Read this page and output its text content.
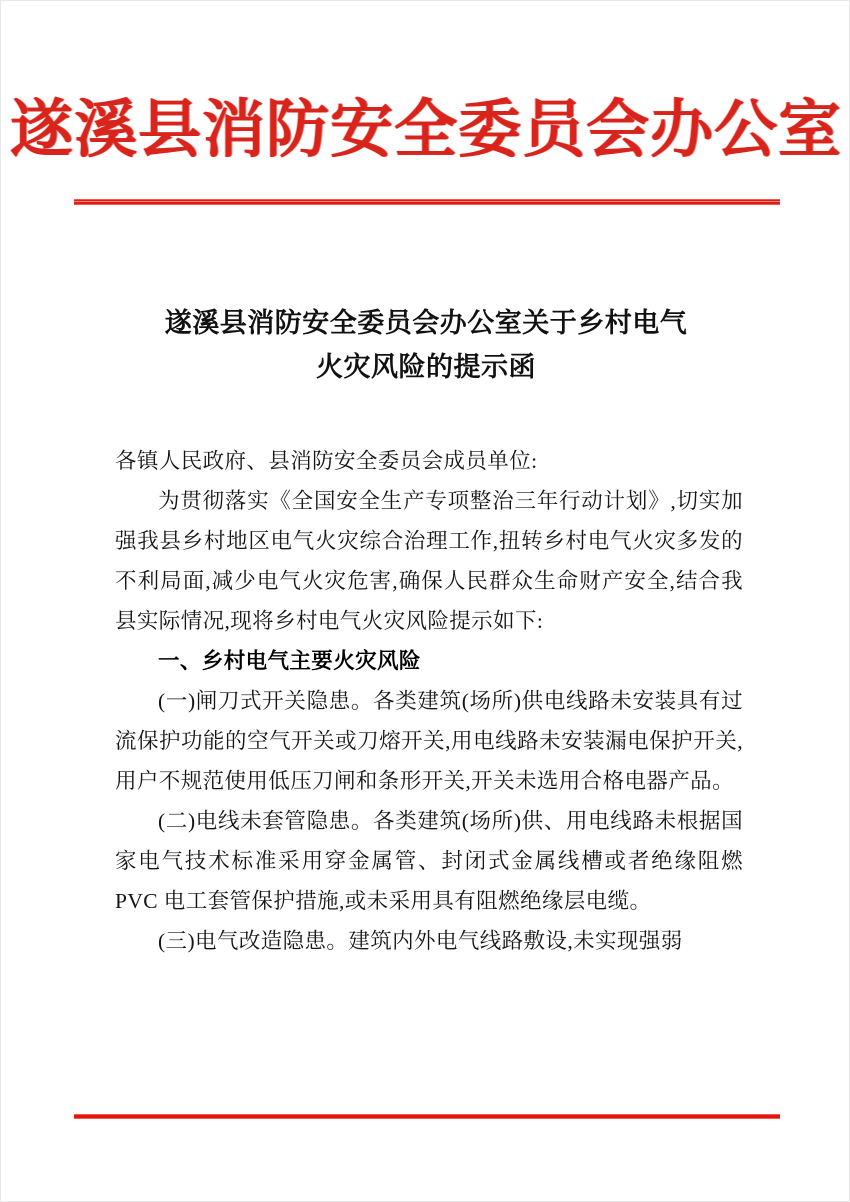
遂溪县消防安全委员会办公室
遂溪县消防安全委员会办公室关于乡村电气
火灾风险的提示函

各镇人民政府、县消防安全委员会成员单位:

为贯彻落实《全国安全生产专项整治三年行动计划》,切实加强我县乡村地区电气火灾综合治理工作,扭转乡村电气火灾多发的不利局面,减少电气火灾危害,确保人民群众生命财产安全,结合我县实际情况,现将乡村电气火灾风险提示如下:

一、乡村电气主要火灾风险

(一)闸刀式开关隐患。各类建筑(场所)供电线路未安装具有过流保护功能的空气开关或刀熔开关,用电线路未安装漏电保护开关,用户不规范使用低压刀闸和条形开关,开关未选用合格电器产品。

(二)电线未套管隐患。各类建筑(场所)供、用电线路未根据国家电气技术标准采用穿金属管、封闭式金属线槽或者绝缘阻燃 PVC 电工套管保护措施,或未采用具有阻燃绝缘层电缆。

(三)电气改造隐患。建筑内外电气线路敷设,未实现强弱
